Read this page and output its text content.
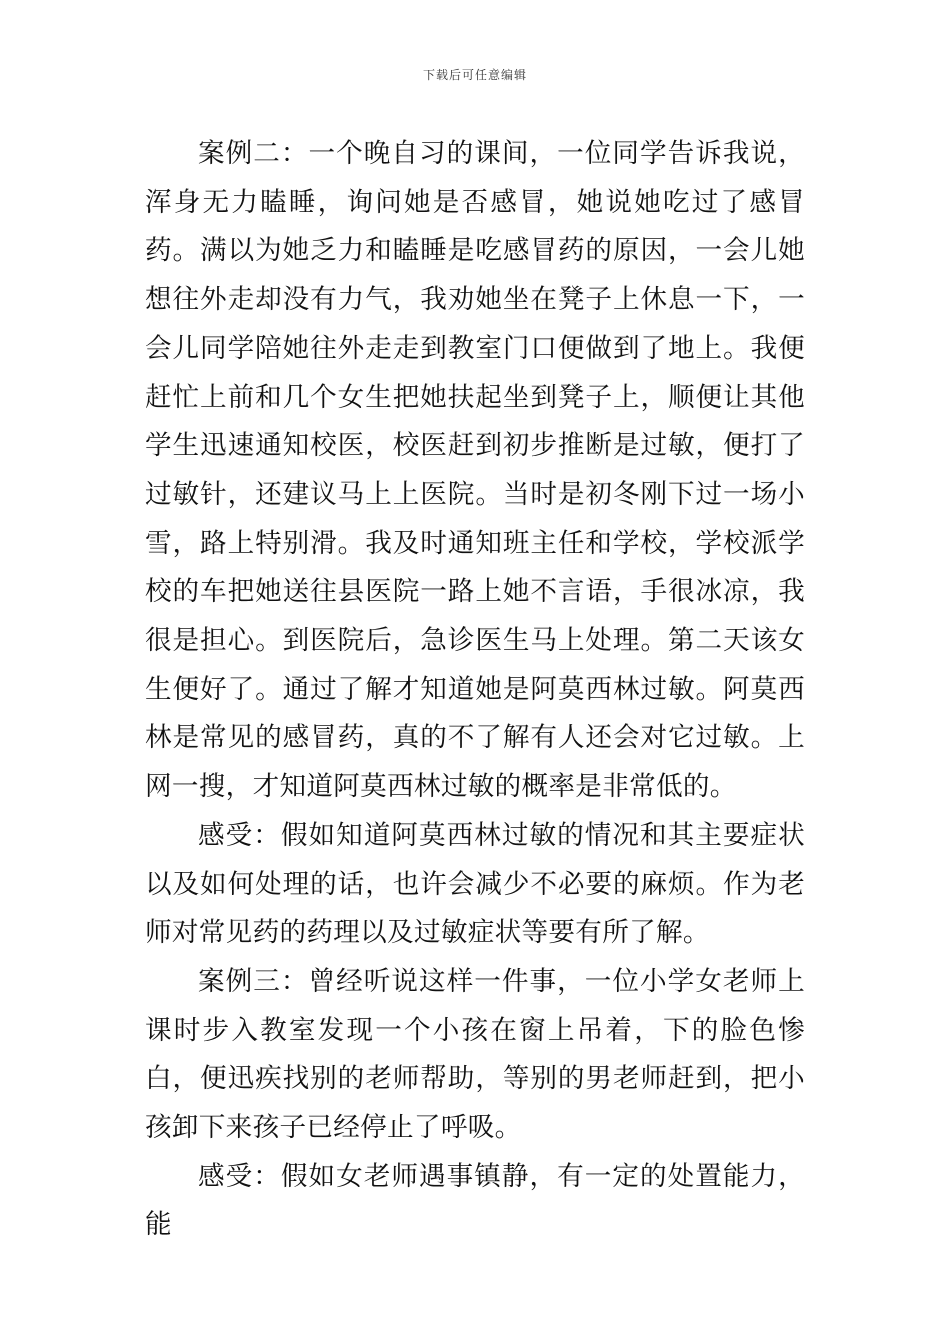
下载后可任意编辑

案例二：一个晚自习的课间，一位同学告诉我说，浑身无力瞌睡，询问她是否感冒，她说她吃过了感冒药。满以为她乏力和瞌睡是吃感冒药的原因，一会儿她想往外走却没有力气，我劝她坐在凳子上休息一下，一会儿同学陪她往外走走到教室门口便做到了地上。我便赶忙上前和几个女生把她扶起坐到凳子上，顺便让其他学生迅速通知校医，校医赶到初步推断是过敏，便打了过敏针，还建议马上上医院。当时是初冬刚下过一场小雪，路上特别滑。我及时通知班主任和学校，学校派学校的车把她送往县医院一路上她不言语，手很冰凉，我很是担心。到医院后，急诊医生马上处理。第二天该女生便好了。通过了解才知道她是阿莫西林过敏。阿莫西林是常见的感冒药，真的不了解有人还会对它过敏。上网一搜，才知道阿莫西林过敏的概率是非常低的。

感受：假如知道阿莫西林过敏的情况和其主要症状以及如何处理的话，也许会减少不必要的麻烦。作为老师对常见药的药理以及过敏症状等要有所了解。

案例三：曾经听说这样一件事，一位小学女老师上课时步入教室发现一个小孩在窗上吊着，下的脸色惨白，便迅疾找别的老师帮助，等别的男老师赶到，把小孩卸下来孩子已经停止了呼吸。

感受：假如女老师遇事镇静，有一定的处置能力，能
